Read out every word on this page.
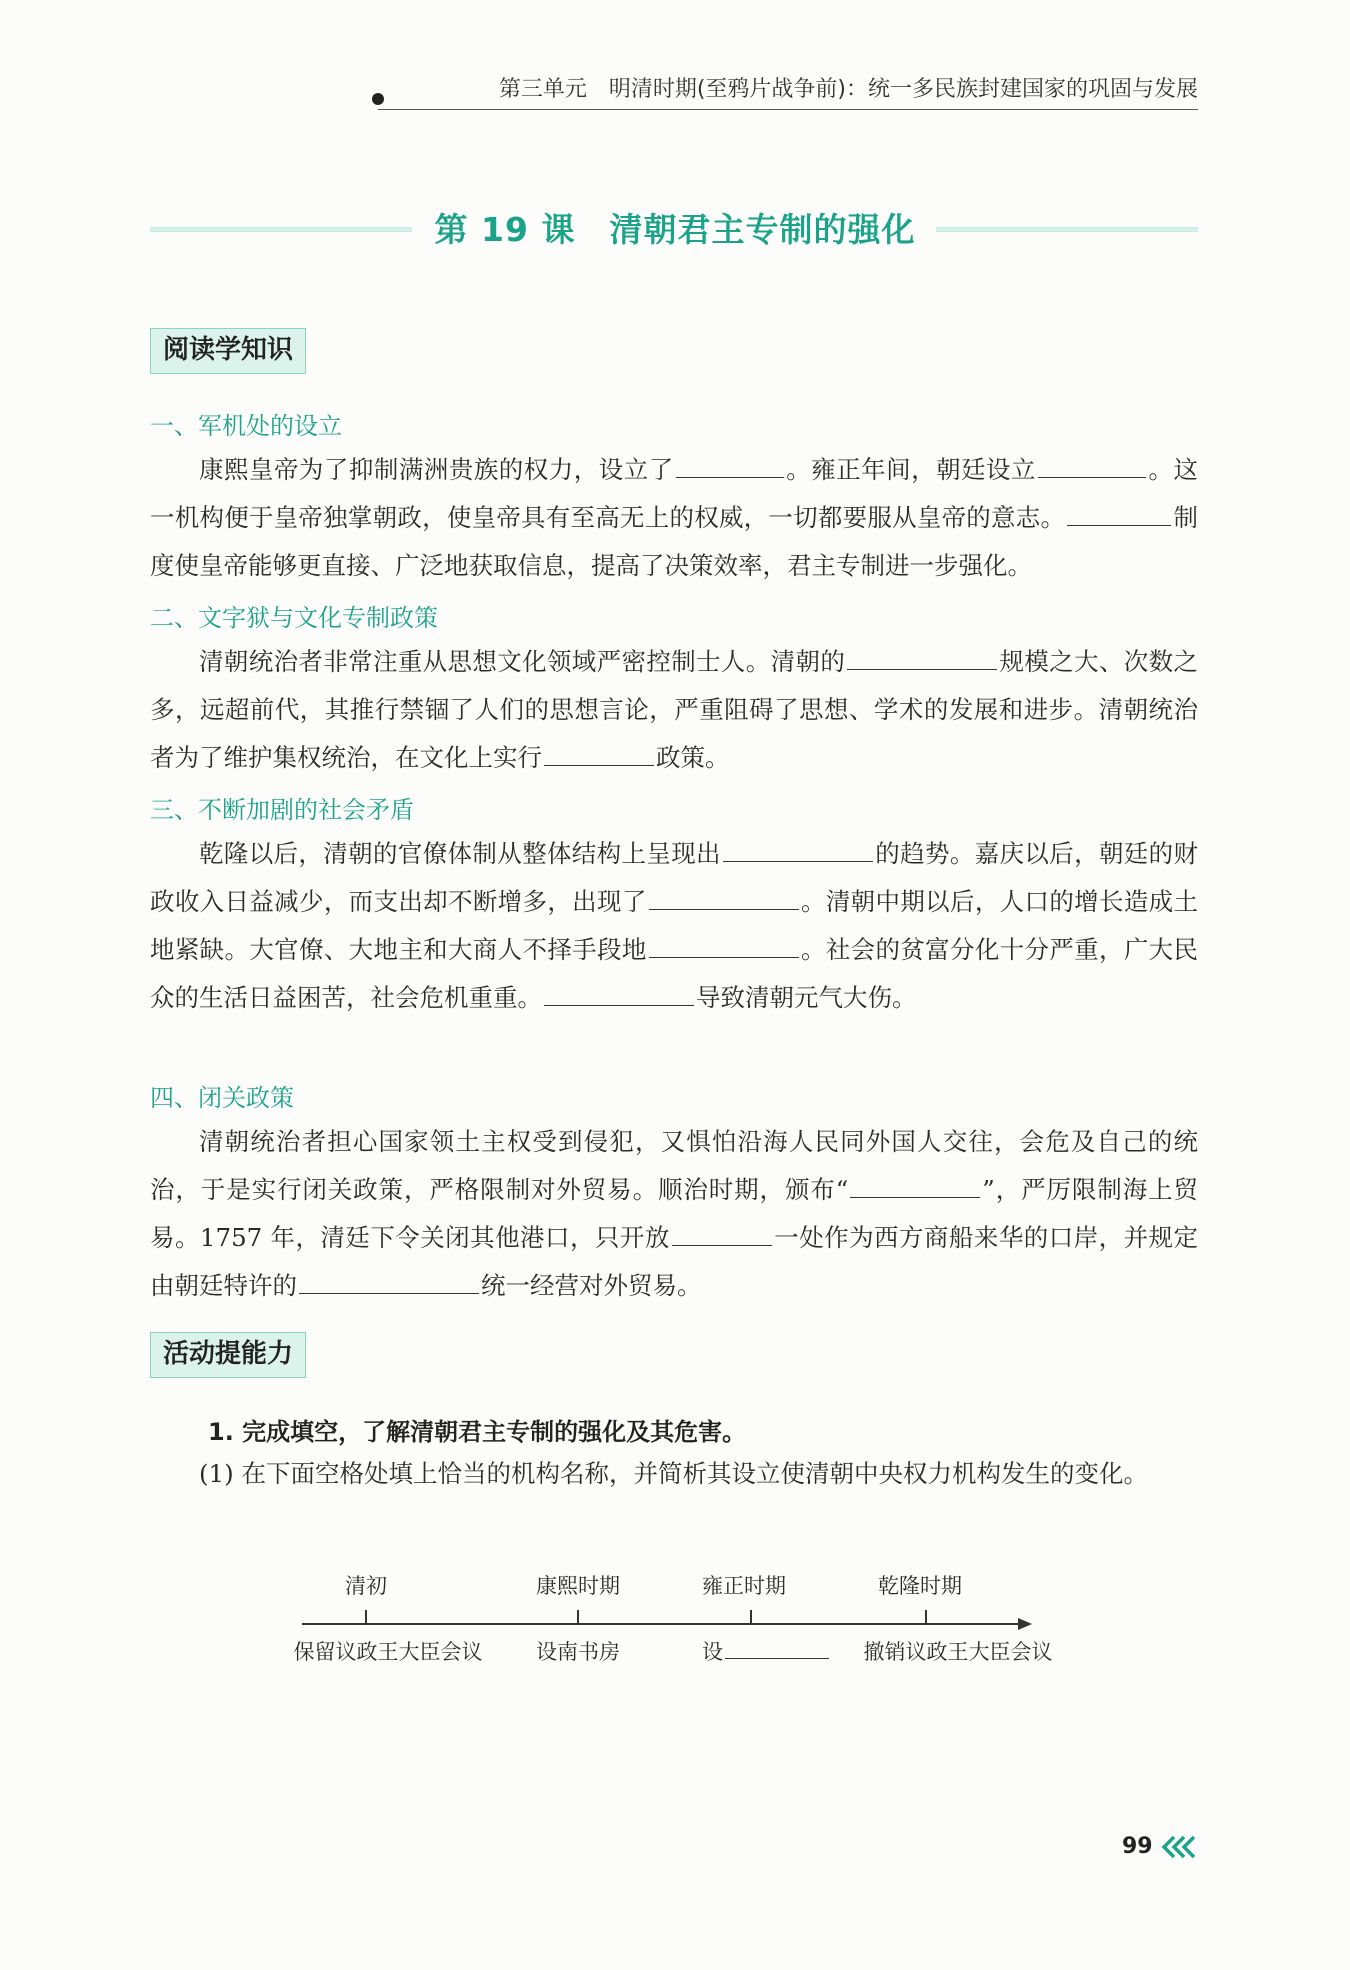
第三单元　明清时期(至鸦片战争前)：统一多民族封建国家的巩固与发展
第 19 课　清朝君主专制的强化
阅读学知识
一、军机处的设立
康熙皇帝为了抑制满洲贵族的权力，设立了	。雍正年间，朝廷设立	。这一机构便于皇帝独掌朝政，使皇帝具有至高无上的权威，一切都要服从皇帝的意志。	制度使皇帝能够更直接、广泛地获取信息，提高了决策效率，君主专制进一步强化。
二、文字狱与文化专制政策
清朝统治者非常注重从思想文化领域严密控制士人。清朝的	规模之大、次数之多，远超前代，其推行禁锢了人们的思想言论，严重阻碍了思想、学术的发展和进步。清朝统治者为了维护集权统治，在文化上实行	政策。
三、不断加剧的社会矛盾
乾隆以后，清朝的官僚体制从整体结构上呈现出	的趋势。嘉庆以后，朝廷的财政收入日益减少，而支出却不断增多，出现了	。清朝中期以后，人口的增长造成土地紧缺。大官僚、大地主和大商人不择手段地	。社会的贫富分化十分严重，广大民众的生活日益困苦，社会危机重重。	导致清朝元气大伤。
四、闭关政策
清朝统治者担心国家领土主权受到侵犯，又惧怕沿海人民同外国人交往，会危及自己的统治，于是实行闭关政策，严格限制对外贸易。顺治时期，颁布“	”，严厉限制海上贸易。1757 年，清廷下令关闭其他港口，只开放	一处作为西方商船来华的口岸，并规定由朝廷特许的	统一经营对外贸易。
活动提能力
1. 完成填空，了解清朝君主专制的强化及其危害。
(1) 在下面空格处填上恰当的机构名称，并简析其设立使清朝中央权力机构发生的变化。
清初
保留议政王大臣会议
康熙时期
设南书房
雍正时期
设
乾隆时期
撤销议政王大臣会议
99
